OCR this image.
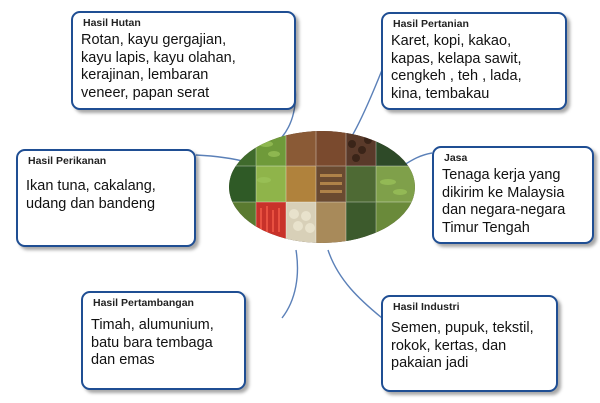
Hasil Hutan
Rotan, kayu gergajian,
kayu lapis, kayu olahan,
kerajinan, lembaran
veneer, papan serat
Hasil Pertanian
Karet, kopi, kakao,
kapas, kelapa sawit,
cengkeh , teh , lada,
kina, tembakau
Hasil Perikanan
Ikan tuna, cakalang,
udang dan bandeng
Jasa
Tenaga kerja yang
dikirim ke Malaysia
dan negara-negara
Timur Tengah
Hasil Pertambangan
Timah, alumunium,
batu bara tembaga
dan emas
Hasil Industri
Semen, pupuk, tekstil,
rokok, kertas, dan
pakaian jadi
